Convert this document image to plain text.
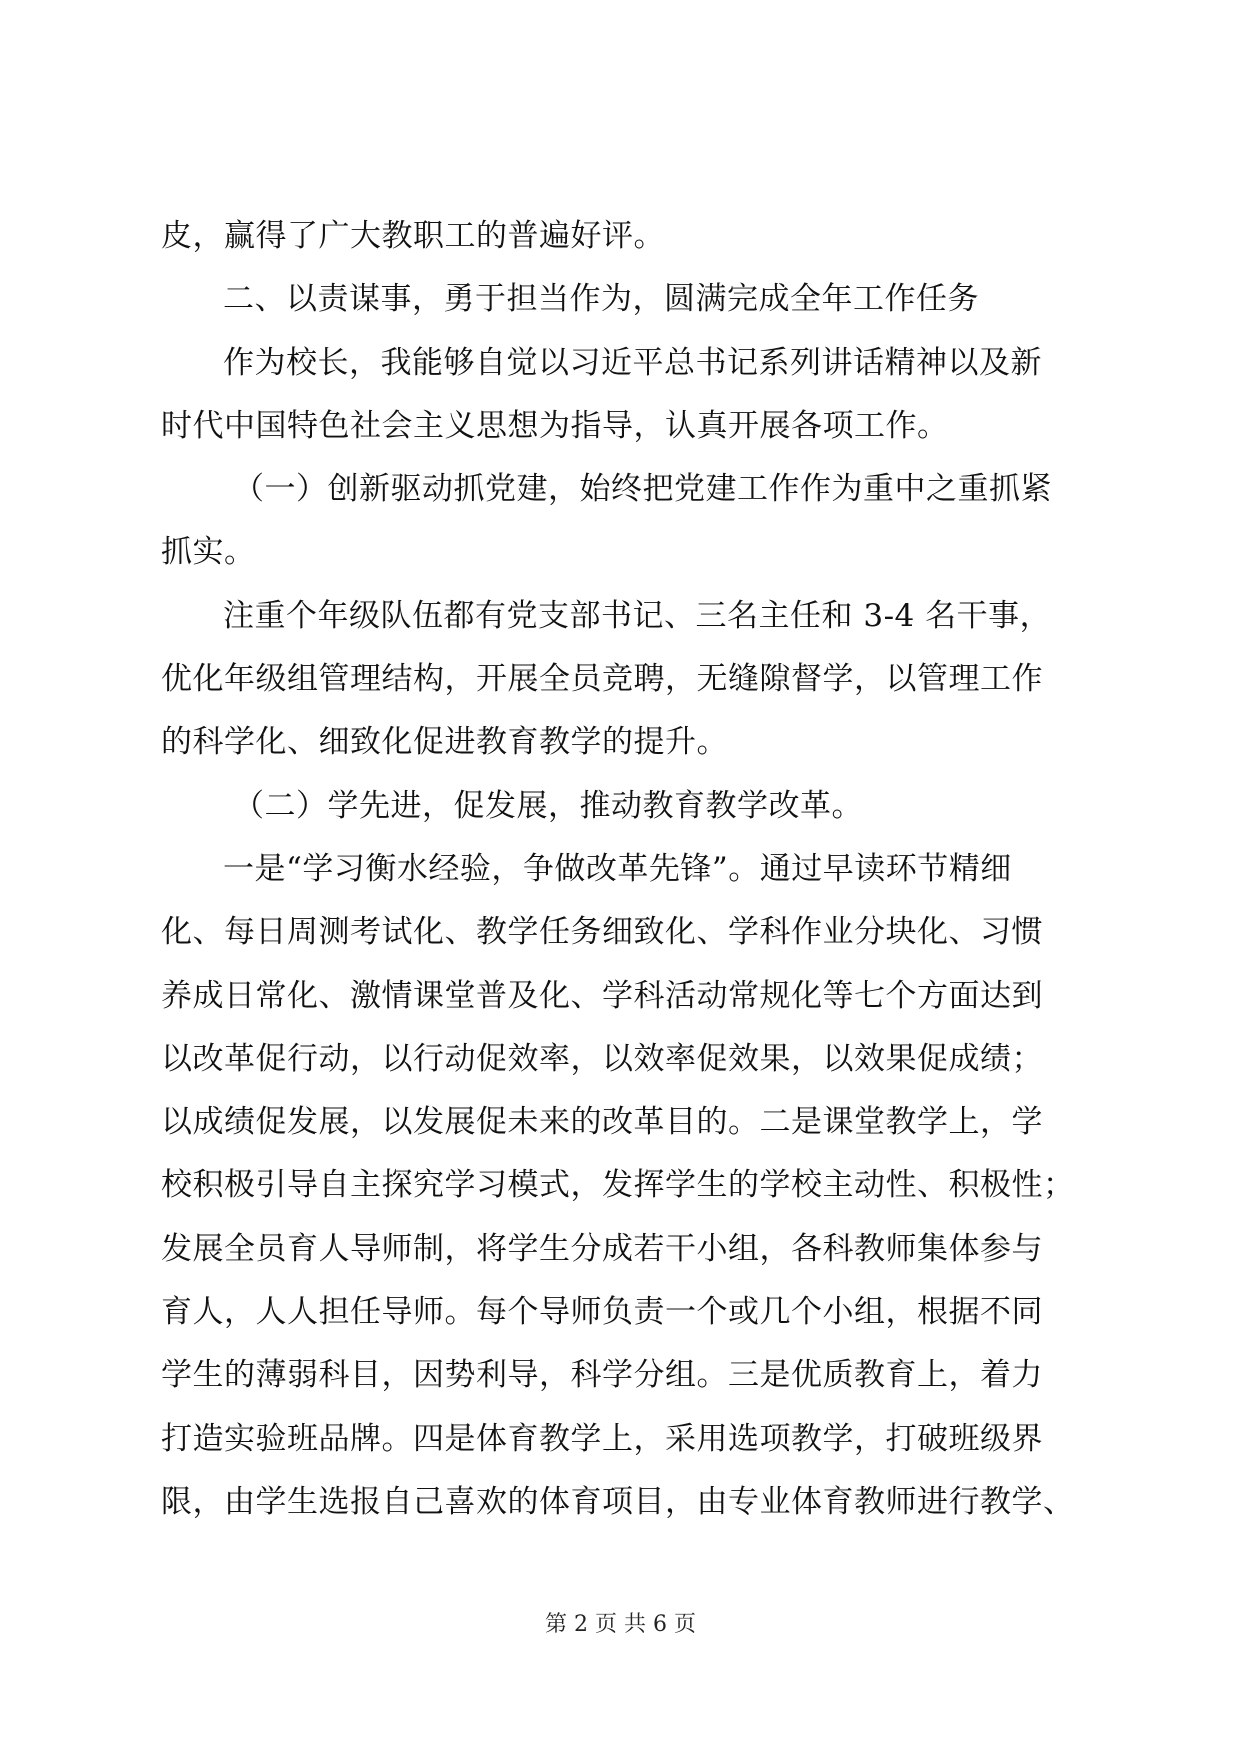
皮，赢得了广大教职工的普遍好评。
二、以责谋事，勇于担当作为，圆满完成全年工作任务
作为校长，我能够自觉以习近平总书记系列讲话精神以及新
时代中国特色社会主义思想为指导，认真开展各项工作。
（一）创新驱动抓党建，始终把党建工作作为重中之重抓紧
抓实。
注重个年级队伍都有党支部书记、三名主任和 3-4 名干事，
优化年级组管理结构，开展全员竞聘，无缝隙督学，以管理工作
的科学化、细致化促进教育教学的提升。
（二）学先进，促发展，推动教育教学改革。
一是“学习衡水经验，争做改革先锋”。通过早读环节精细
化、每日周测考试化、教学任务细致化、学科作业分块化、习惯
养成日常化、激情课堂普及化、学科活动常规化等七个方面达到
以改革促行动，以行动促效率，以效率促效果，以效果促成绩；
以成绩促发展，以发展促未来的改革目的。二是课堂教学上，学
校积极引导自主探究学习模式，发挥学生的学校主动性、积极性；
发展全员育人导师制，将学生分成若干小组，各科教师集体参与
育人，人人担任导师。每个导师负责一个或几个小组，根据不同
学生的薄弱科目，因势利导，科学分组。三是优质教育上，着力
打造实验班品牌。四是体育教学上，采用选项教学，打破班级界
限，由学生选报自己喜欢的体育项目，由专业体育教师进行教学、
第 2 页 共 6 页
